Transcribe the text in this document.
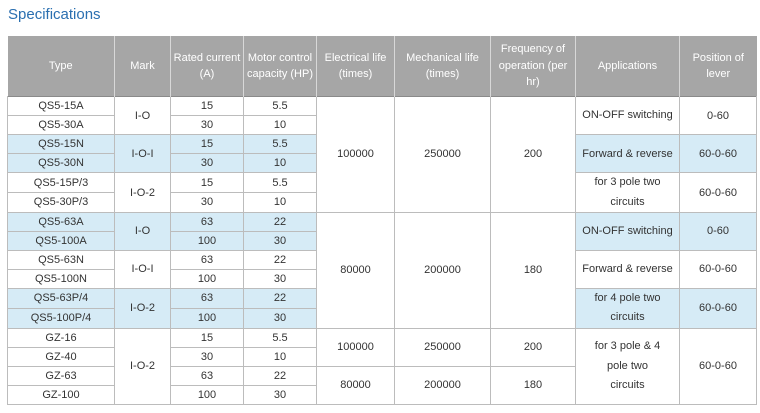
Specifications
Type	Mark	Rated current (A)	Motor control capacity (HP)	Electrical life (times)	Mechanical life (times)	Frequency of operation (per hr)	Applications	Position of lever
QS5-15A	I-O	15	5.5	100000	250000	200	ON-OFF switching	0-60
QS5-30A		30	10					
QS5-15N	I-O-I	15	5.5				Forward & reverse	60-0-60
QS5-30N		30	10					
QS5-15P/3	I-O-2	15	5.5				for 3 pole two circuits	60-0-60
QS5-30P/3		30	10					
QS5-63A	I-O	63	22	80000	200000	180	ON-OFF switching	0-60
QS5-100A		100	30					
QS5-63N	I-O-I	63	22				Forward & reverse	60-0-60
QS5-100N		100	30					
QS5-63P/4	I-O-2	63	22				for 4 pole two circuits	60-0-60
QS5-100P/4		100	30					
GZ-16	I-O-2	15	5.5	100000	250000	200	for 3 pole & 4 pole two circuits	60-0-60
GZ-40		30	10					
GZ-63		63	22	80000	200000	180		
GZ-100		100	30					
